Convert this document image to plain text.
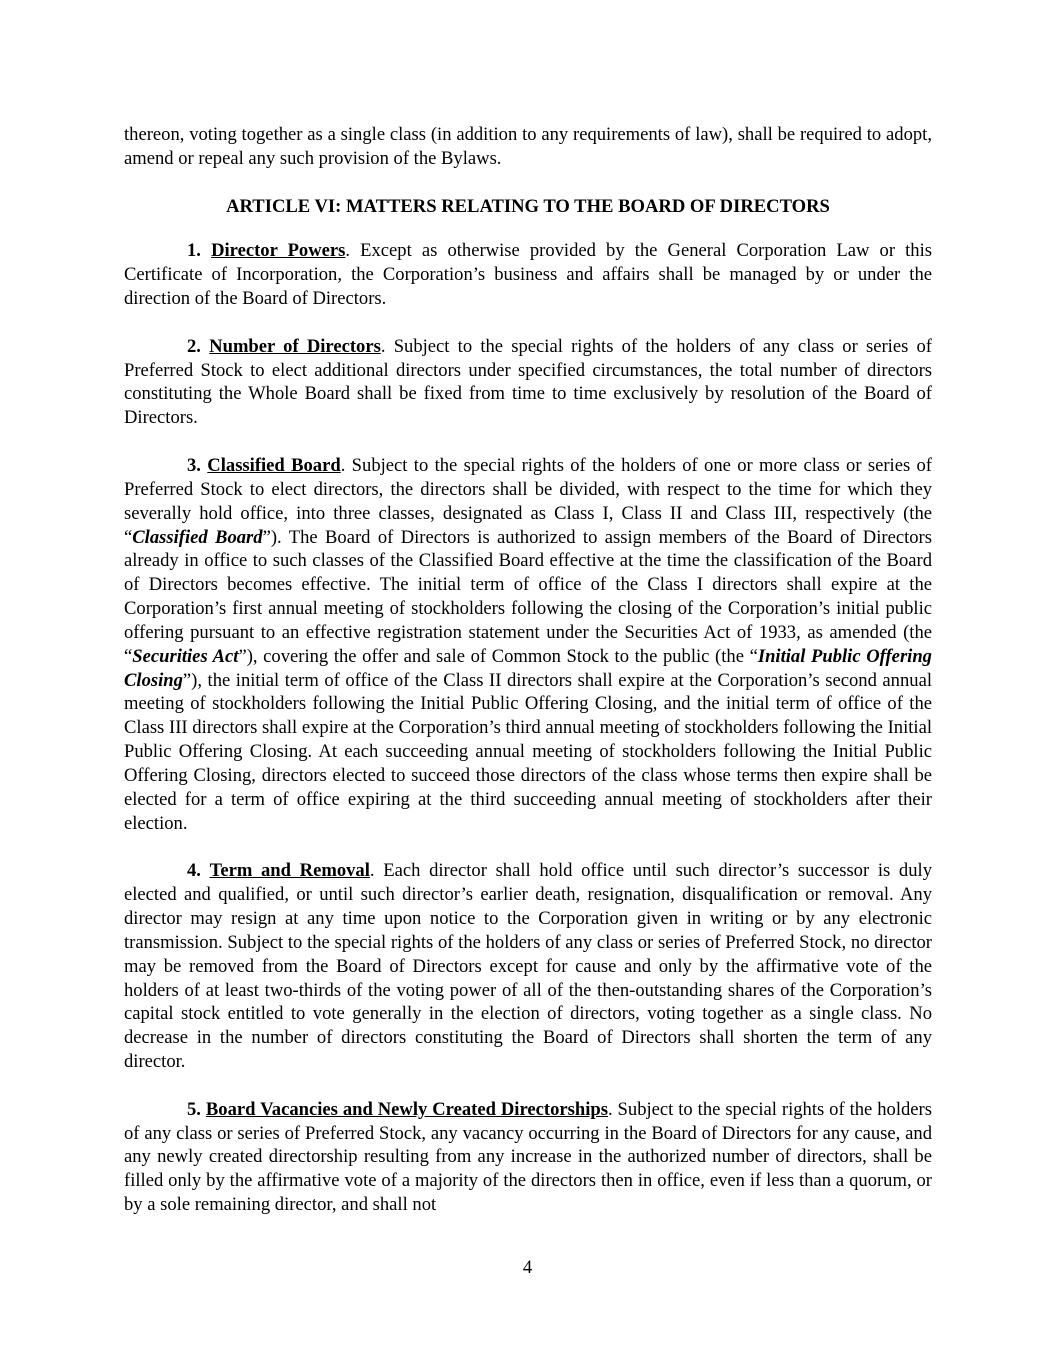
thereon, voting together as a single class (in addition to any requirements of law), shall be required to adopt, amend or repeal any such provision of the Bylaws.

ARTICLE VI: MATTERS RELATING TO THE BOARD OF DIRECTORS

1. Director Powers. Except as otherwise provided by the General Corporation Law or this Certificate of Incorporation, the Corporation’s business and affairs shall be managed by or under the direction of the Board of Directors.

2. Number of Directors. Subject to the special rights of the holders of any class or series of Preferred Stock to elect additional directors under specified circumstances, the total number of directors constituting the Whole Board shall be fixed from time to time exclusively by resolution of the Board of Directors.

3. Classified Board. Subject to the special rights of the holders of one or more class or series of Preferred Stock to elect directors, the directors shall be divided, with respect to the time for which they severally hold office, into three classes, designated as Class I, Class II and Class III, respectively (the “Classified Board”). The Board of Directors is authorized to assign members of the Board of Directors already in office to such classes of the Classified Board effective at the time the classification of the Board of Directors becomes effective. The initial term of office of the Class I directors shall expire at the Corporation’s first annual meeting of stockholders following the closing of the Corporation’s initial public offering pursuant to an effective registration statement under the Securities Act of 1933, as amended (the “Securities Act”), covering the offer and sale of Common Stock to the public (the “Initial Public Offering Closing”), the initial term of office of the Class II directors shall expire at the Corporation’s second annual meeting of stockholders following the Initial Public Offering Closing, and the initial term of office of the Class III directors shall expire at the Corporation’s third annual meeting of stockholders following the Initial Public Offering Closing. At each succeeding annual meeting of stockholders following the Initial Public Offering Closing, directors elected to succeed those directors of the class whose terms then expire shall be elected for a term of office expiring at the third succeeding annual meeting of stockholders after their election.

4. Term and Removal. Each director shall hold office until such director’s successor is duly elected and qualified, or until such director’s earlier death, resignation, disqualification or removal. Any director may resign at any time upon notice to the Corporation given in writing or by any electronic transmission. Subject to the special rights of the holders of any class or series of Preferred Stock, no director may be removed from the Board of Directors except for cause and only by the affirmative vote of the holders of at least two-thirds of the voting power of all of the then-outstanding shares of the Corporation’s capital stock entitled to vote generally in the election of directors, voting together as a single class. No decrease in the number of directors constituting the Board of Directors shall shorten the term of any director.

5. Board Vacancies and Newly Created Directorships. Subject to the special rights of the holders of any class or series of Preferred Stock, any vacancy occurring in the Board of Directors for any cause, and any newly created directorship resulting from any increase in the authorized number of directors, shall be filled only by the affirmative vote of a majority of the directors then in office, even if less than a quorum, or by a sole remaining director, and shall not

4
